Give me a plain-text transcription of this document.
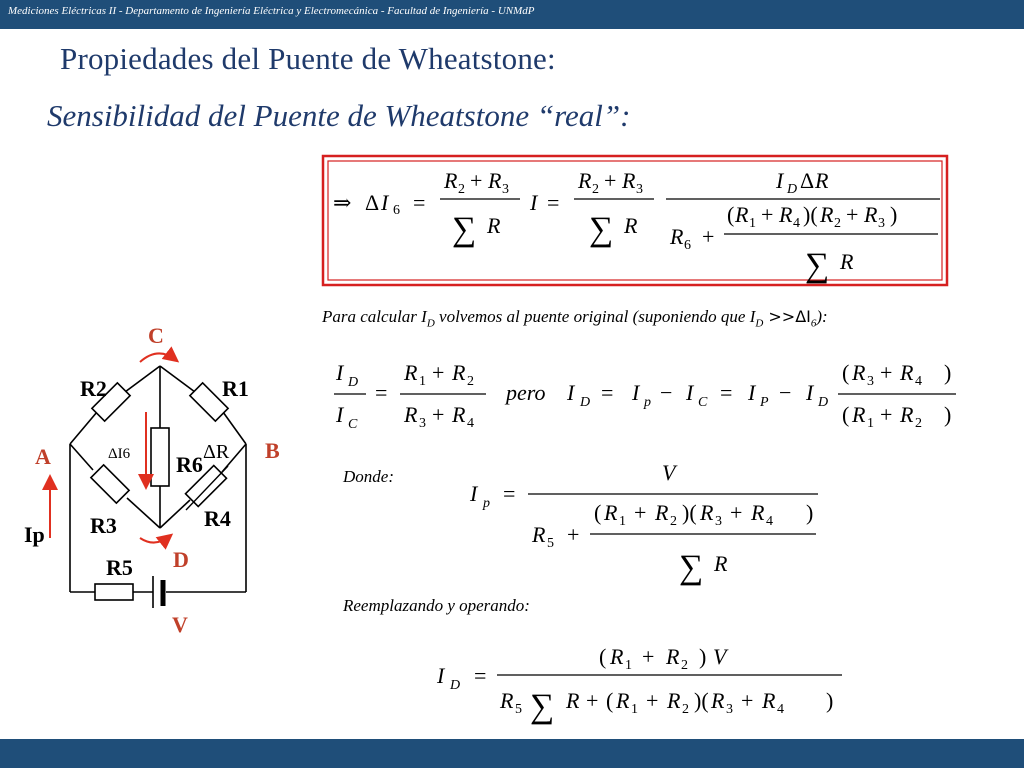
Mediciones Eléctricas II - Departamento de Ingeniería Eléctrica y Electromecánica - Facultad de Ingeniería - UNMdP
Propiedades del Puente de Wheatstone:
Sensibilidad del Puente de Wheatstone “real”:
Para calcular $I_D$ volvemos al puente original (suponiendo que $I_D >>\Delta I_6$):
Donde:
Reemplazando y operando:
⇒ Δ I 6 =
R 2 + R 3
∑ R
I =
R 2 + R 3
∑ R
I D Δ R
R 6 +
( R 1 + R 4 )( R 2 + R 3 )
∑ R
I D
I C
=
R 1 + R 2
R 3 + R 4
pero I D = I p − I C = I P − I D
( R 3 + R 4 )
( R 1 + R 2 )
I p =
V
R 5 +
( R 1 + R 2 )( R 3 + R 4 )
∑ R
I D =
( R 1 + R 2 ) V
R 5 ∑ R + ( R 1 + R 2 )( R 3 + R 4 )
C
A	B
D
V
R2	R1
R3	R4
R5
R6
Ip
ΔI6	ΔR
